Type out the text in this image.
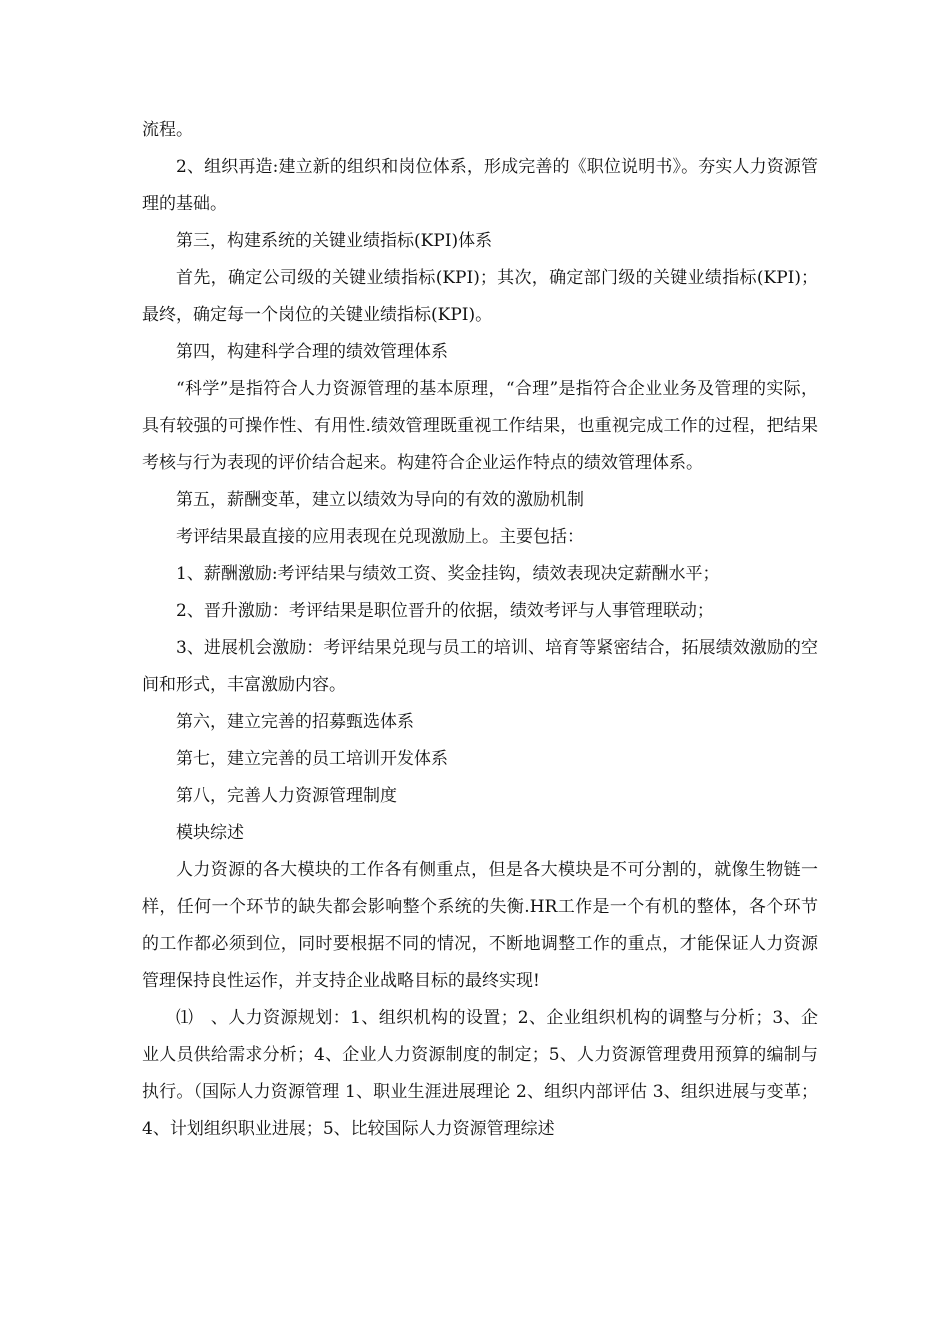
流程。

2、组织再造:建立新的组织和岗位体系，形成完善的《职位说明书》。夯实人力资源管理的基础。

第三，构建系统的关键业绩指标(KPI)体系

首先，确定公司级的关键业绩指标(KPI)；其次，确定部门级的关键业绩指标(KPI)；最终，确定每一个岗位的关键业绩指标(KPI)。

第四，构建科学合理的绩效管理体系

“科学”是指符合人力资源管理的基本原理，“合理”是指符合企业业务及管理的实际，具有较强的可操作性、有用性.绩效管理既重视工作结果，也重视完成工作的过程，把结果考核与行为表现的评价结合起来。构建符合企业运作特点的绩效管理体系。

第五，薪酬变革，建立以绩效为导向的有效的激励机制

考评结果最直接的应用表现在兑现激励上。主要包括：

1、薪酬激励:考评结果与绩效工资、奖金挂钩，绩效表现决定薪酬水平；

2、晋升激励：考评结果是职位晋升的依据，绩效考评与人事管理联动；

3、进展机会激励：考评结果兑现与员工的培训、培育等紧密结合，拓展绩效激励的空间和形式，丰富激励内容。

第六，建立完善的招募甄选体系

第七，建立完善的员工培训开发体系

第八，完善人力资源管理制度

模块综述

人力资源的各大模块的工作各有侧重点，但是各大模块是不可分割的，就像生物链一样，任何一个环节的缺失都会影响整个系统的失衡.HR工作是一个有机的整体，各个环节的工作都必须到位，同时要根据不同的情况，不断地调整工作的重点，才能保证人力资源管理保持良性运作，并支持企业战略目标的最终实现!

⑴　、人力资源规划：1、组织机构的设置；2、企业组织机构的调整与分析；3、企业人员供给需求分析；4、企业人力资源制度的制定；5、人力资源管理费用预算的编制与执行。（国际人力资源管理 1、职业生涯进展理论 2、组织内部评估 3、组织进展与变革；4、计划组织职业进展；5、比较国际人力资源管理综述
